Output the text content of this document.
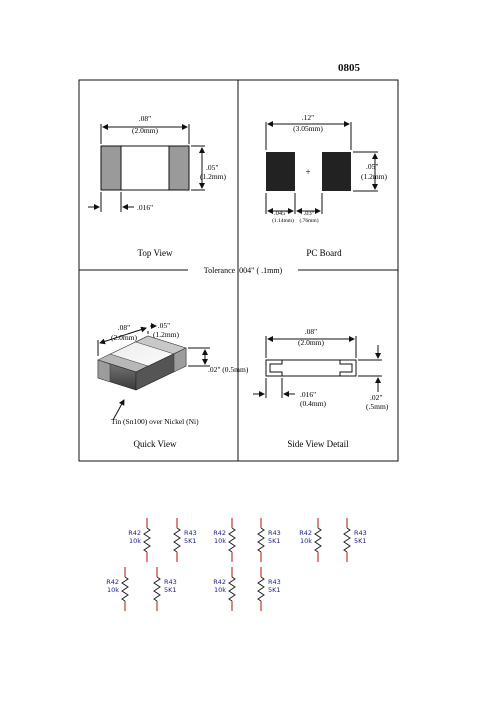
0805
Tolerance .004" ( .1mm)
.08"
(2.0mm)
.05"
(1.2mm)
.016"
Top View
+
.12"
(3.05mm)
.05"
(1.2mm)
.045" .03"
(1.14mm) (.76mm)
PC Board
.08"
(2.0mm)
.05"
(1.2mm)
.02" (0.5mm)
Tin (Sn100) over Nickel (Ni)
Quick View
.08"
(2.0mm)
.016"
(0.4mm)
.02"
(.5mm)
Side View Detail
R42
10k
R43
5K1
R42
10k
R43
5K1
R42
10k
R43
5K1
R42
10k
R43
5K1
R42
10k
R43
5K1
